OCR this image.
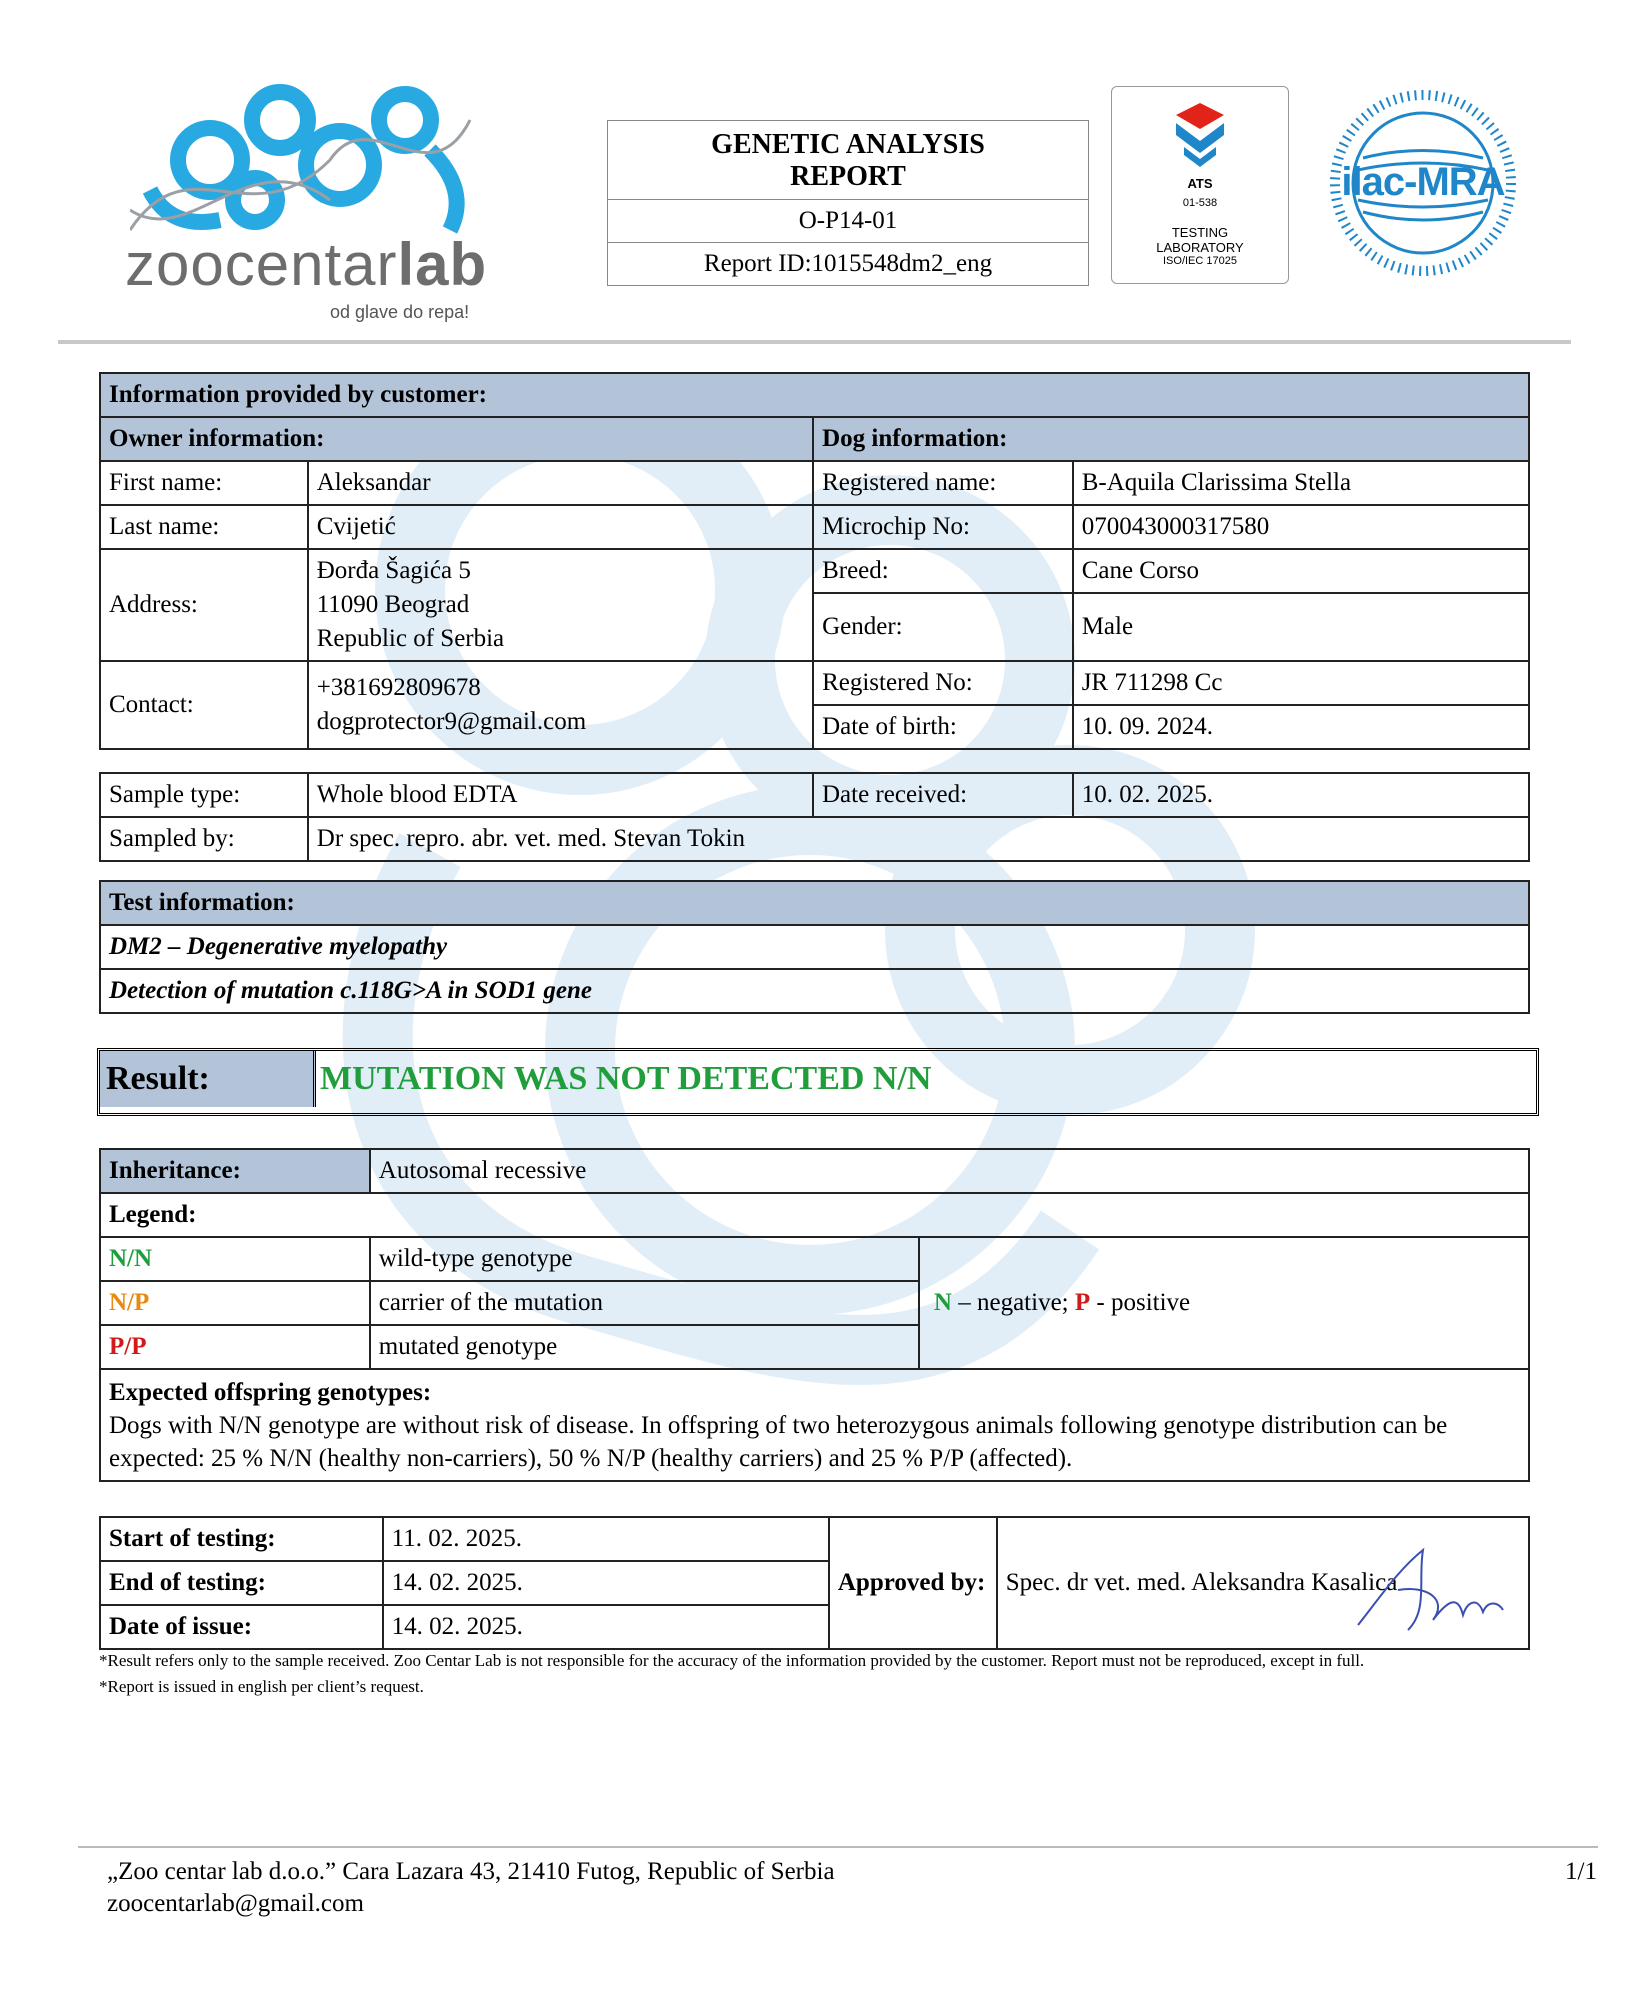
zoocentarlab
od glave do repa!
GENETIC ANALYSIS REPORT
O-P14-01
Report ID:1015548dm2_eng
ATS
01-538
TESTING
LABORATORY
ISO/IEC 17025
ilac-MRA
Information provided by customer:			
Owner information:		Dog information:	
First name:	Aleksandar	Registered name:	B-Aquila Clarissima Stella
Last name:	Cvijetić	Microchip No:	070043000317580
Address:	Đorđa Šagića 5
11090 Beograd
Republic of Serbia	Breed:	Cane Corso
		Gender:	Male
Contact:	+381692809678
dogprotector9@gmail.com	Registered No:	JR 711298 Cc
		Date of birth:	10. 09. 2024.
Sample type:	Whole blood EDTA	Date received:	10. 02. 2025.
Sampled by:	Dr spec. repro. abr. vet. med. Stevan Tokin		
Test information:
DM2 – Degenerative myelopathy
Detection of mutation c.118G>A in SOD1 gene
Result:	MUTATION WAS NOT DETECTED N/N
Inheritance:	Autosomal recessive	
Legend:		
N/N	wild-type genotype	N – negative; P - positive
N/P	carrier of the mutation	
P/P	mutated genotype	

Expected offspring genotypes:
Dogs with N/N genotype are without risk of disease. In offspring of two heterozygous animals following genotype distribution can be expected: 25 % N/N (healthy non-carriers), 50 % N/P (healthy carriers) and 25 % P/P (affected).		
Start of testing:	11. 02. 2025.	Approved by:	Spec. dr vet. med. Aleksandra Kasalica

End of testing:	14. 02. 2025.		
Date of issue:	14. 02. 2025.		
*Result refers only to the sample received. Zoo Centar Lab is not responsible for the accuracy of the information provided by the customer. Report must not be reproduced, except in full.
*Report is issued in english per client’s request.
„Zoo centar lab d.o.o.” Cara Lazara 43, 21410 Futog, Republic of Serbia
zoocentarlab@gmail.com
1/1
